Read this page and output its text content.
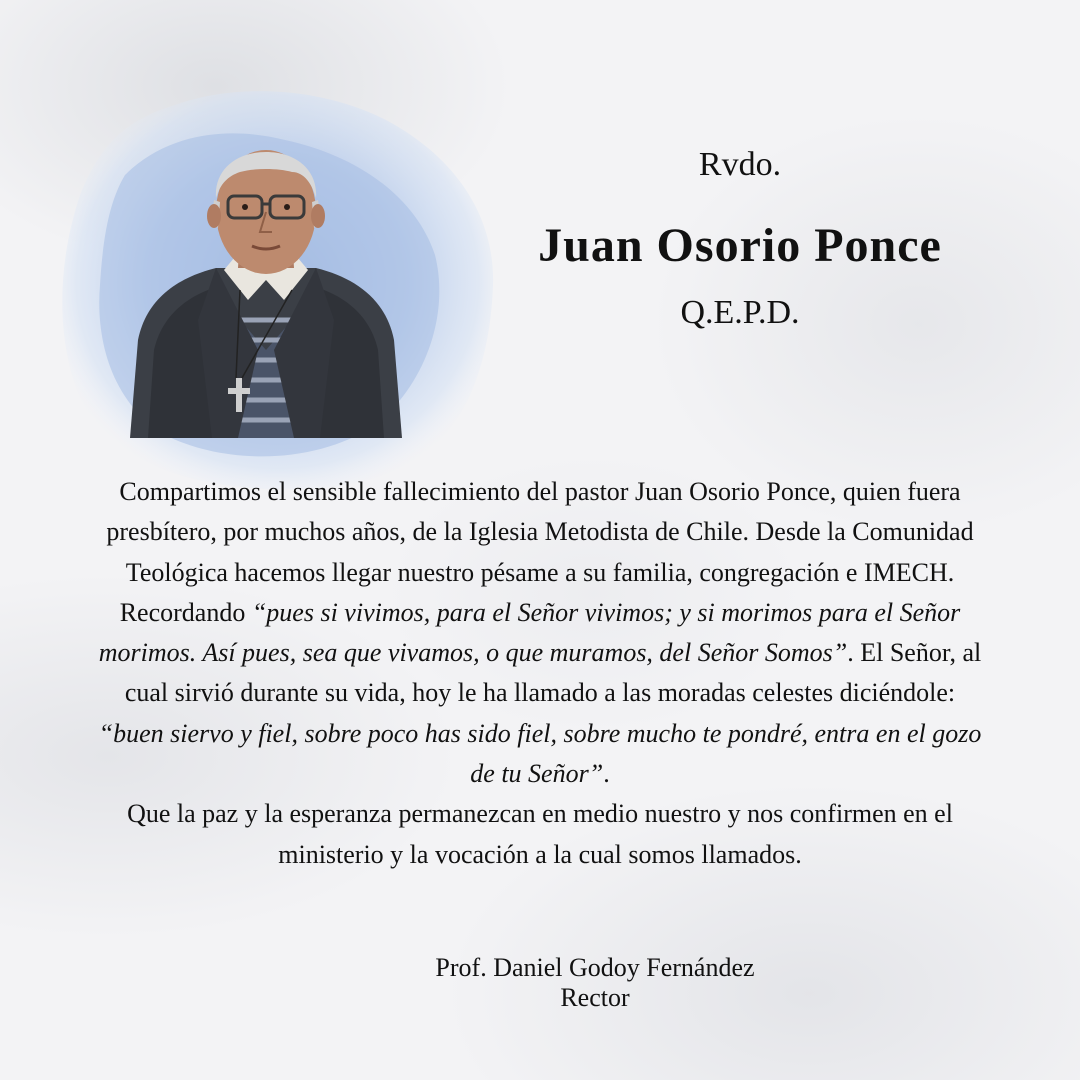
Rvdo.
Juan Osorio Ponce
Q.E.P.D.
Compartimos el sensible fallecimiento del pastor Juan Osorio Ponce, quien fuera presbítero, por muchos años, de la Iglesia Metodista de Chile. Desde la Comunidad Teológica hacemos llegar nuestro pésame a su familia, congregación e IMECH.
Recordando “pues si vivimos, para el Señor vivimos; y si morimos para el Señor morimos. Así pues, sea que vivamos, o que muramos, del Señor Somos”. El Señor, al cual sirvió durante su vida, hoy le ha llamado a las moradas celestes diciéndole: “buen siervo y fiel, sobre poco has sido fiel, sobre mucho te pondré, entra en el gozo de tu Señor”.
Que la paz y la esperanza permanezcan en medio nuestro y nos confirmen en el ministerio y la vocación a la cual somos llamados.
Prof. Daniel Godoy Fernández
Rector
